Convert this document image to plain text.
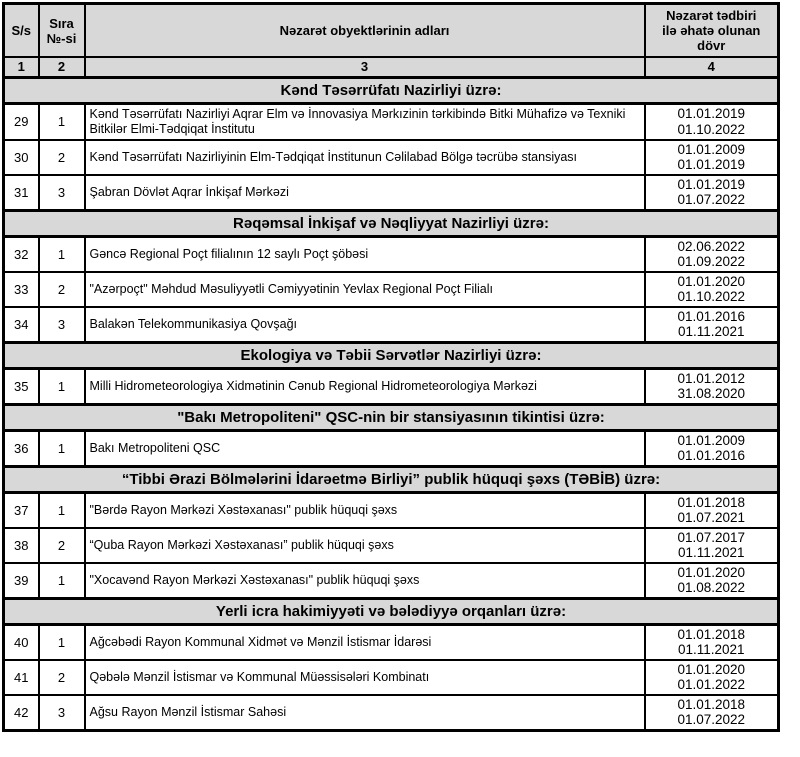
S/s	Sıra №-si	Nəzarət obyektlərinin adları	Nəzarət tədbiri ilə əhatə olunan dövr

1	2	3	4
Kənd Təsərrüfatı Nazirliyi üzrə:			
29	1	Kənd Təsərrüfatı Nazirliyi Aqrar Elm və İnnovasiya Mərkızinin tərkibində Bitki Mühafizə və Texniki Bitkilər Elmi-Tədqiqat İnstitutu	01.01.2019
01.10.2022

30	2	Kənd Təsərrüfatı Nazirliyinin Elm-Tədqiqat İnstitunun Cəlilabad Bölgə təcrübə stansiyası	01.01.2009
01.01.2019

31	3	Şabran Dövlət Aqrar İnkişaf Mərkəzi	01.01.2019
01.07.2022

Rəqəmsal İnkişaf və Nəqliyyat Nazirliyi üzrə:			
32	1	Gəncə Regional Poçt filialının 12 saylı Poçt şöbəsi	02.06.2022
01.09.2022

33	2	"Azərpoçt" Məhdud Məsuliyyətli Cəmiyyətinin Yevlax Regional Poçt Filialı	01.01.2020
01.10.2022

34	3	Balakən Telekommunikasiya Qovşağı	01.01.2016
01.11.2021

Ekologiya və Təbii Sərvətlər Nazirliyi üzrə:			
35	1	Milli Hidrometeorologiya Xidmətinin Cənub Regional Hidrometeorologiya Mərkəzi	01.01.2012
31.08.2020

"Bakı Metropoliteni" QSC-nin bir stansiyasının tikintisi üzrə:			
36	1	Bakı Metropoliteni QSC	01.01.2009
01.01.2016

“Tibbi Ərazi Bölmələrini İdarəetmə Birliyi” publik hüquqi şəxs (TƏBİB) üzrə:			
37	1	"Bərdə Rayon Mərkəzi Xəstəxanası" publik hüquqi şəxs	01.01.2018
01.07.2021

38	2	“Quba Rayon Mərkəzi Xəstəxanası” publik hüquqi şəxs	01.07.2017
01.11.2021

39	1	"Xocavənd Rayon Mərkəzi Xəstəxanası" publik hüquqi şəxs	01.01.2020
01.08.2022

Yerli icra hakimiyyəti və bələdiyyə orqanları üzrə:			
40	1	Ağcəbədi Rayon Kommunal Xidmət və Mənzil İstismar İdarəsi	01.01.2018
01.11.2021

41	2	Qəbələ Mənzil İstismar və Kommunal Müəssisələri Kombinatı	01.01.2020
01.01.2022

42	3	Ağsu Rayon Mənzil İstismar Sahəsi	01.01.2018
01.07.2022
